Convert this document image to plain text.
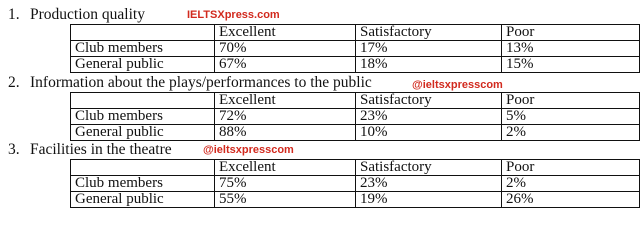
1. Production quality	IELTSXpress.com
	Excellent	Satisfactory	Poor
Club members	70%	17%	13%
General public	67%	18%	15%
2. Information about the plays/performances to the public	@ieltsxpresscom
	Excellent	Satisfactory	Poor
Club members	72%	23%	5%
General public	88%	10%	2%
3. Facilities in the theatre	@ieltsxpresscom
	Excellent	Satisfactory	Poor
Club members	75%	23%	2%
General public	55%	19%	26%
